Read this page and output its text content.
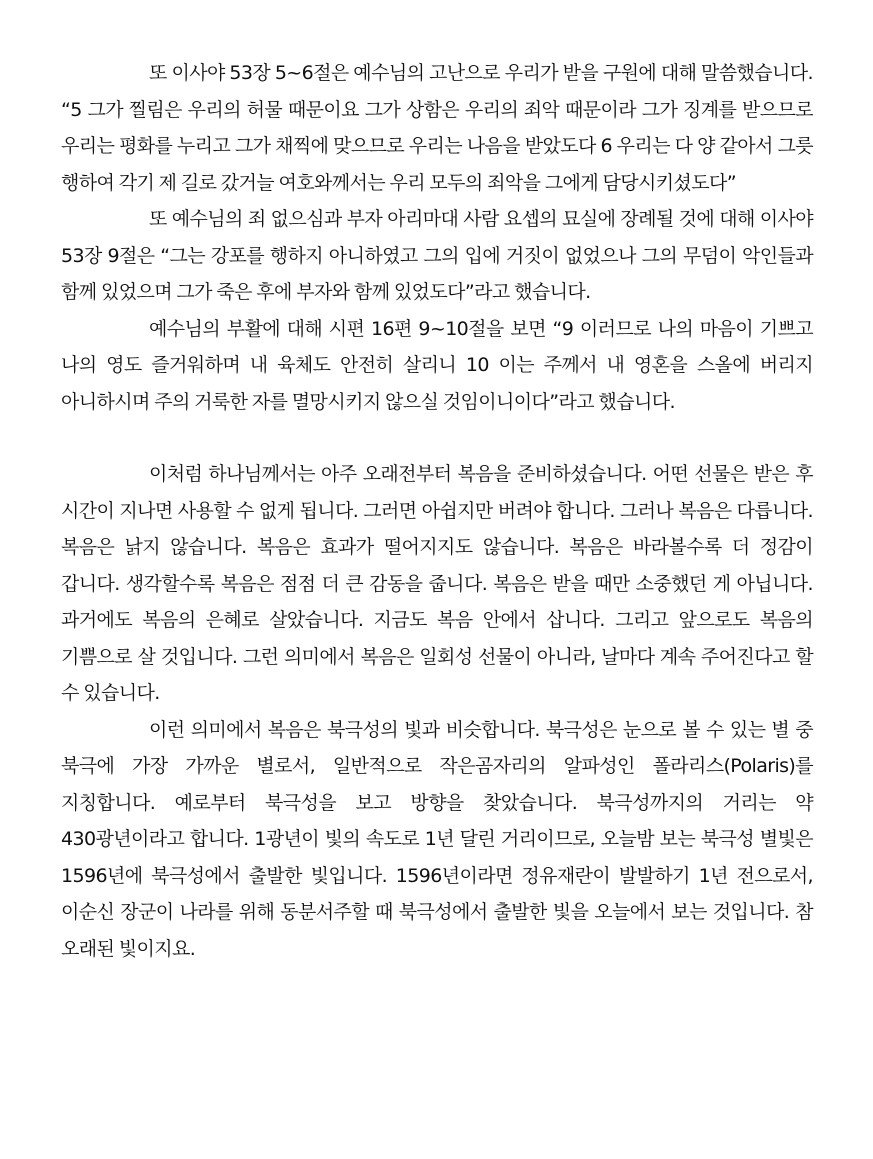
또 이사야 53장 5~6절은 예수님의 고난으로 우리가 받을 구원에 대해 말씀했습니다. “5 그가 찔림은 우리의 허물 때문이요 그가 상함은 우리의 죄악 때문이라 그가 징계를 받으므로 우리는 평화를 누리고 그가 채찍에 맞으므로 우리는 나음을 받았도다 6 우리는 다 양 같아서 그릇 행하여 각기 제 길로 갔거늘 여호와께서는 우리 모두의 죄악을 그에게 담당시키셨도다”

또 예수님의 죄 없으심과 부자 아리마대 사람 요셉의 묘실에 장례될 것에 대해 이사야 53장 9절은 “그는 강포를 행하지 아니하였고 그의 입에 거짓이 없었으나 그의 무덤이 악인들과 함께 있었으며 그가 죽은 후에 부자와 함께 있었도다”라고 했습니다.

예수님의 부활에 대해 시편 16편 9~10절을 보면 “9 이러므로 나의 마음이 기쁘고 나의 영도 즐거워하며 내 육체도 안전히 살리니 10 이는 주께서 내 영혼을 스올에 버리지 아니하시며 주의 거룩한 자를 멸망시키지 않으실 것임이니이다”라고 했습니다.

이처럼 하나님께서는 아주 오래전부터 복음을 준비하셨습니다. 어떤 선물은 받은 후 시간이 지나면 사용할 수 없게 됩니다. 그러면 아쉽지만 버려야 합니다. 그러나 복음은 다릅니다. 복음은 낡지 않습니다. 복음은 효과가 떨어지지도 않습니다. 복음은 바라볼수록 더 정감이 갑니다. 생각할수록 복음은 점점 더 큰 감동을 줍니다. 복음은 받을 때만 소중했던 게 아닙니다. 과거에도 복음의 은혜로 살았습니다. 지금도 복음 안에서 삽니다. 그리고 앞으로도 복음의 기쁨으로 살 것입니다. 그런 의미에서 복음은 일회성 선물이 아니라, 날마다 계속 주어진다고 할 수 있습니다.

이런 의미에서 복음은 북극성의 빛과 비슷합니다. 북극성은 눈으로 볼 수 있는 별 중 북극에 가장 가까운 별로서, 일반적으로 작은곰자리의 알파성인 폴라리스(Polaris)를 지칭합니다. 예로부터 북극성을 보고 방향을 찾았습니다. 북극성까지의 거리는 약 430광년이라고 합니다. 1광년이 빛의 속도로 1년 달린 거리이므로, 오늘밤 보는 북극성 별빛은 1596년에 북극성에서 출발한 빛입니다. 1596년이라면 정유재란이 발발하기 1년 전으로서, 이순신 장군이 나라를 위해 동분서주할 때 북극성에서 출발한 빛을 오늘에서 보는 것입니다. 참 오래된 빛이지요.
